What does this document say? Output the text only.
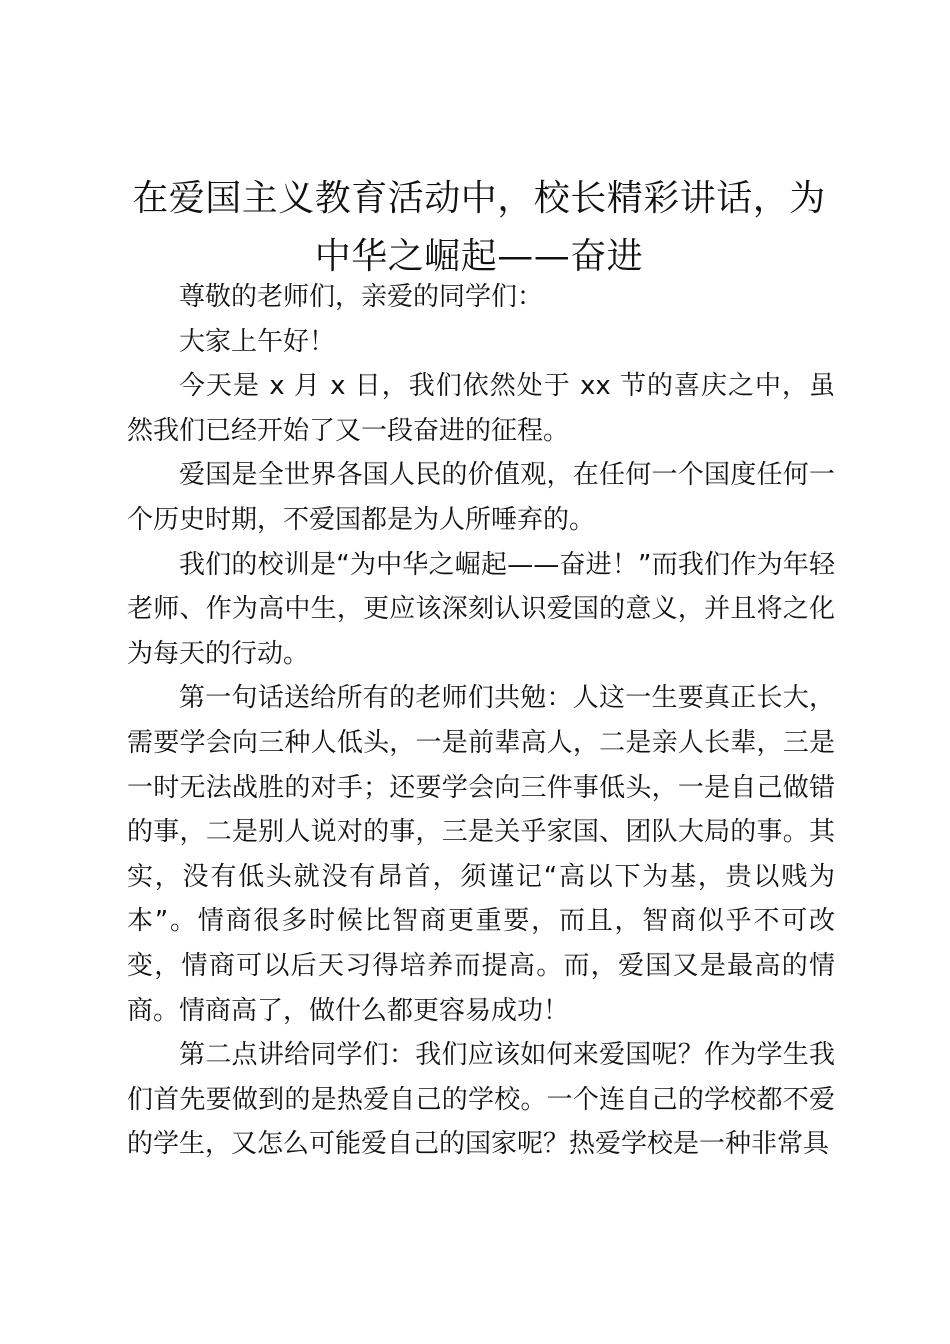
在爱国主义教育活动中，校长精彩讲话，为中华之崛起——奋进

尊敬的老师们，亲爱的同学们：

大家上午好！

今天是 x 月 x 日，我们依然处于 xx 节的喜庆之中，虽然我们已经开始了又一段奋进的征程。

爱国是全世界各国人民的价值观，在任何一个国度任何一个历史时期，不爱国都是为人所唾弃的。

我们的校训是“为中华之崛起——奋进！”而我们作为年轻老师、作为高中生，更应该深刻认识爱国的意义，并且将之化为每天的行动。

第一句话送给所有的老师们共勉：人这一生要真正长大，需要学会向三种人低头，一是前辈高人，二是亲人长辈，三是一时无法战胜的对手；还要学会向三件事低头，一是自己做错的事，二是别人说对的事，三是关乎家国、团队大局的事。其实，没有低头就没有昂首，须谨记“高以下为基，贵以贱为本”。情商很多时候比智商更重要，而且，智商似乎不可改变，情商可以后天习得培养而提高。而，爱国又是最高的情商。情商高了，做什么都更容易成功！

第二点讲给同学们：我们应该如何来爱国呢？作为学生我们首先要做到的是热爱自己的学校。一个连自己的学校都不爱的学生，又怎么可能爱自己的国家呢？热爱学校是一种非常具
